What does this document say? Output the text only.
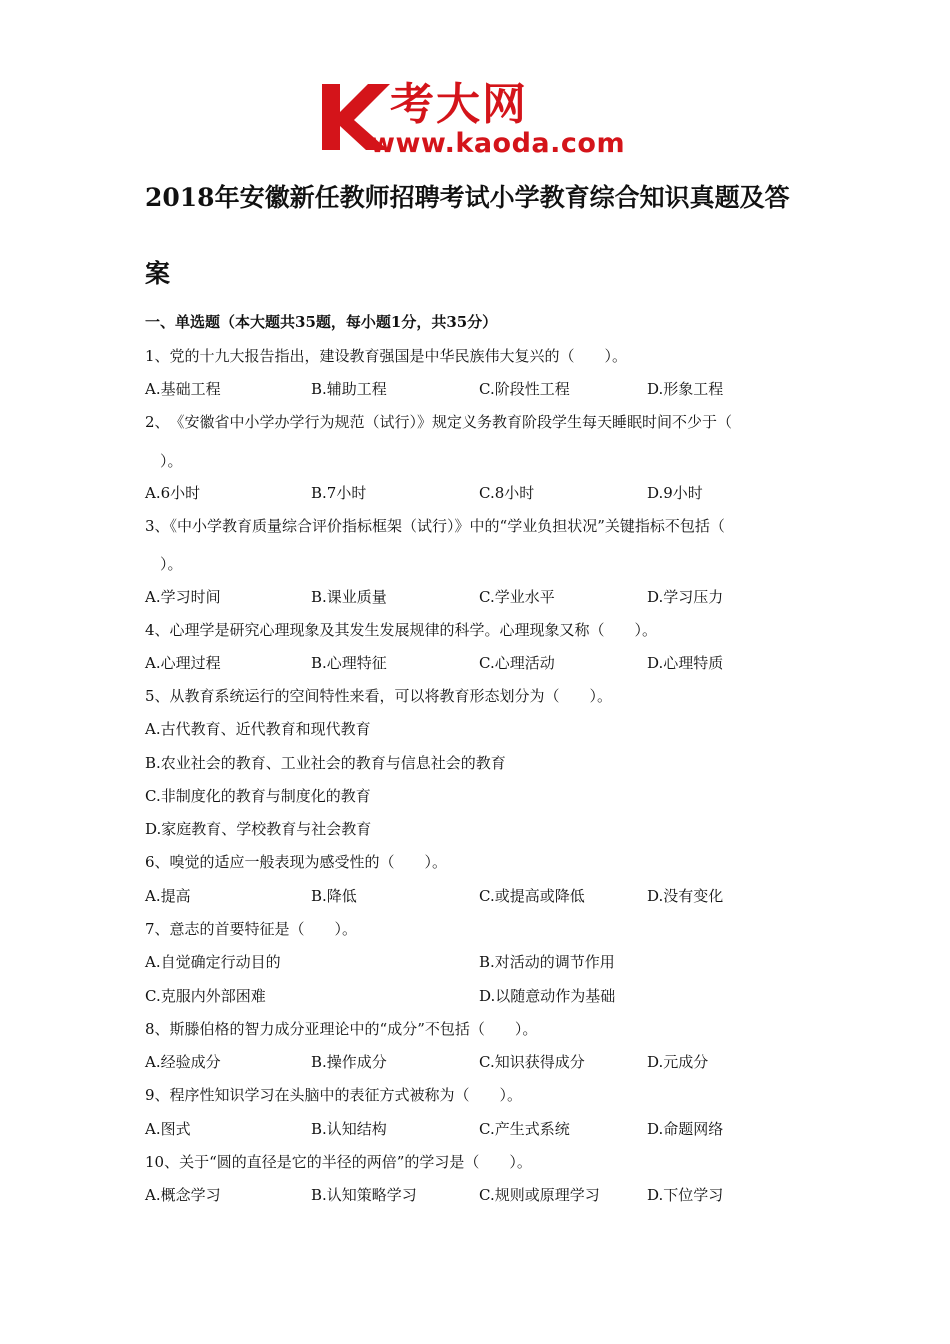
考大网
www.kaoda.com
2018年安徽新任教师招聘考试小学教育综合知识真题及答
案
一、单选题（本大题共35题，每小题1分，共35分）
1、党的十九大报告指出，建设教育强国是中华民族伟大复兴的（　　）。
A.基础工程	B.辅助工程	C.阶段性工程	D.形象工程
2、　《安徽省中小学办学行为规范（试行）》规定义务教育阶段学生每天睡眠时间不少于（
　）。
A.6小时	B.7小时	C.8小时	D.9小时
3、《中小学教育质量综合评价指标框架（试行）》中的“学业负担状况”关键指标不包括（
　）。
A.学习时间	B.课业质量	C.学业水平	D.学习压力
4、心理学是研究心理现象及其发生发展规律的科学。心理现象又称（　　）。
A.心理过程	B.心理特征	C.心理活动	D.心理特质
5、从教育系统运行的空间特性来看，可以将教育形态划分为（　　）。
A.古代教育、近代教育和现代教育
B.农业社会的教育、工业社会的教育与信息社会的教育
C.非制度化的教育与制度化的教育
D.家庭教育、学校教育与社会教育
6、嗅觉的适应一般表现为感受性的（　　）。
A.提高	B.降低	C.或提高或降低	D.没有变化
7、意志的首要特征是（　　）。
A.自觉确定行动目的	B.对活动的调节作用
C.克服内外部困难	D.以随意动作为基础
8、斯滕伯格的智力成分亚理论中的“成分”不包括（　　）。
A.经验成分	B.操作成分	C.知识获得成分	D.元成分
9、程序性知识学习在头脑中的表征方式被称为（　　）。
A.图式	B.认知结构	C.产生式系统	D.命题网络
10、关于“圆的直径是它的半径的两倍”的学习是（　　）。
A.概念学习	B.认知策略学习	C.规则或原理学习	D.下位学习
